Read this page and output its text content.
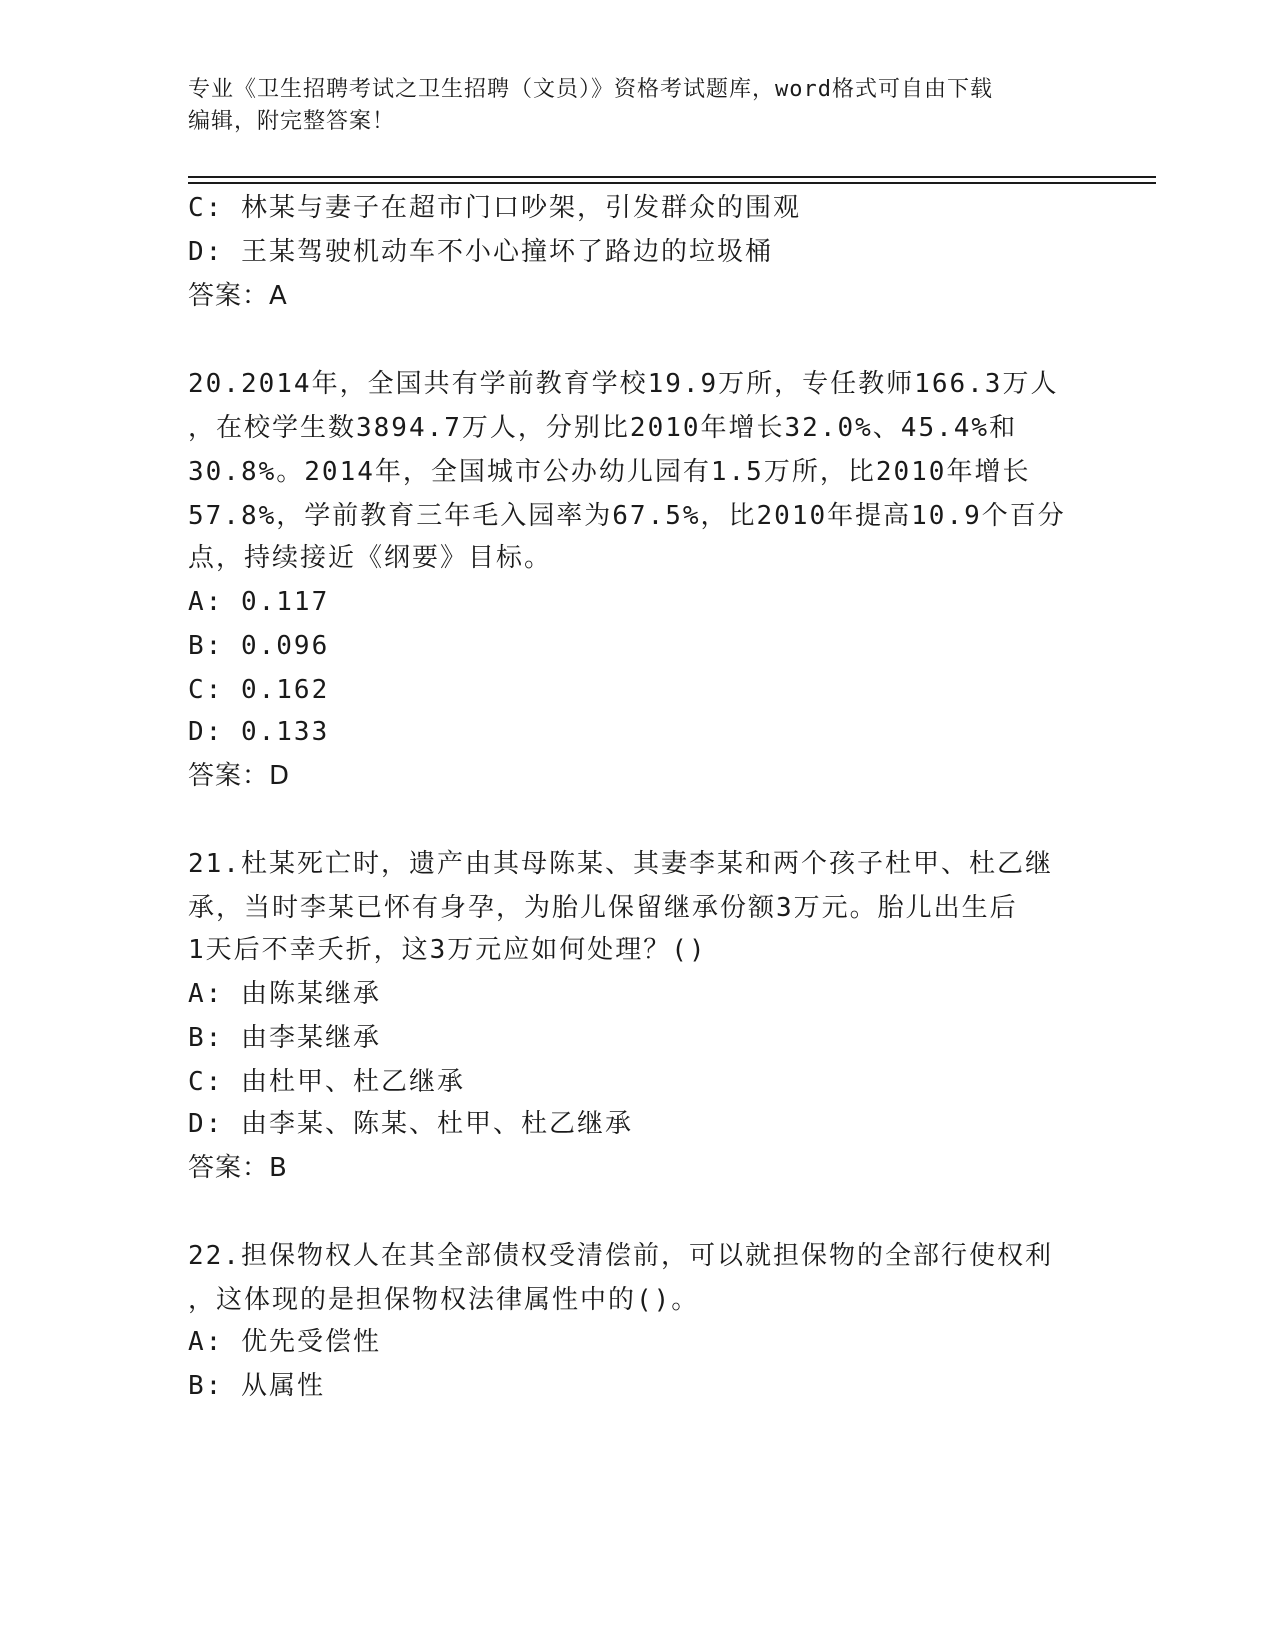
专业《卫生招聘考试之卫生招聘（文员）》资格考试题库，word格式可自由下载
编辑，附完整答案！
C: 林某与妻子在超市门口吵架，引发群众的围观
D: 王某驾驶机动车不小心撞坏了路边的垃圾桶
答案：A
20.2014年，全国共有学前教育学校19.9万所，专任教师166.3万人
，在校学生数3894.7万人，分别比2010年增长32.0%、45.4%和
30.8%。2014年，全国城市公办幼儿园有1.5万所，比2010年增长
57.8%，学前教育三年毛入园率为67.5%，比2010年提高10.9个百分
点，持续接近《纲要》目标。
A: 0.117
B: 0.096
C: 0.162
D: 0.133
答案：D
21.杜某死亡时，遗产由其母陈某、其妻李某和两个孩子杜甲、杜乙继
承，当时李某已怀有身孕，为胎儿保留继承份额3万元。胎儿出生后
1天后不幸夭折，这3万元应如何处理？()
A: 由陈某继承
B: 由李某继承
C: 由杜甲、杜乙继承
D: 由李某、陈某、杜甲、杜乙继承
答案：B
22.担保物权人在其全部债权受清偿前，可以就担保物的全部行使权利
，这体现的是担保物权法律属性中的()。
A: 优先受偿性
B: 从属性
